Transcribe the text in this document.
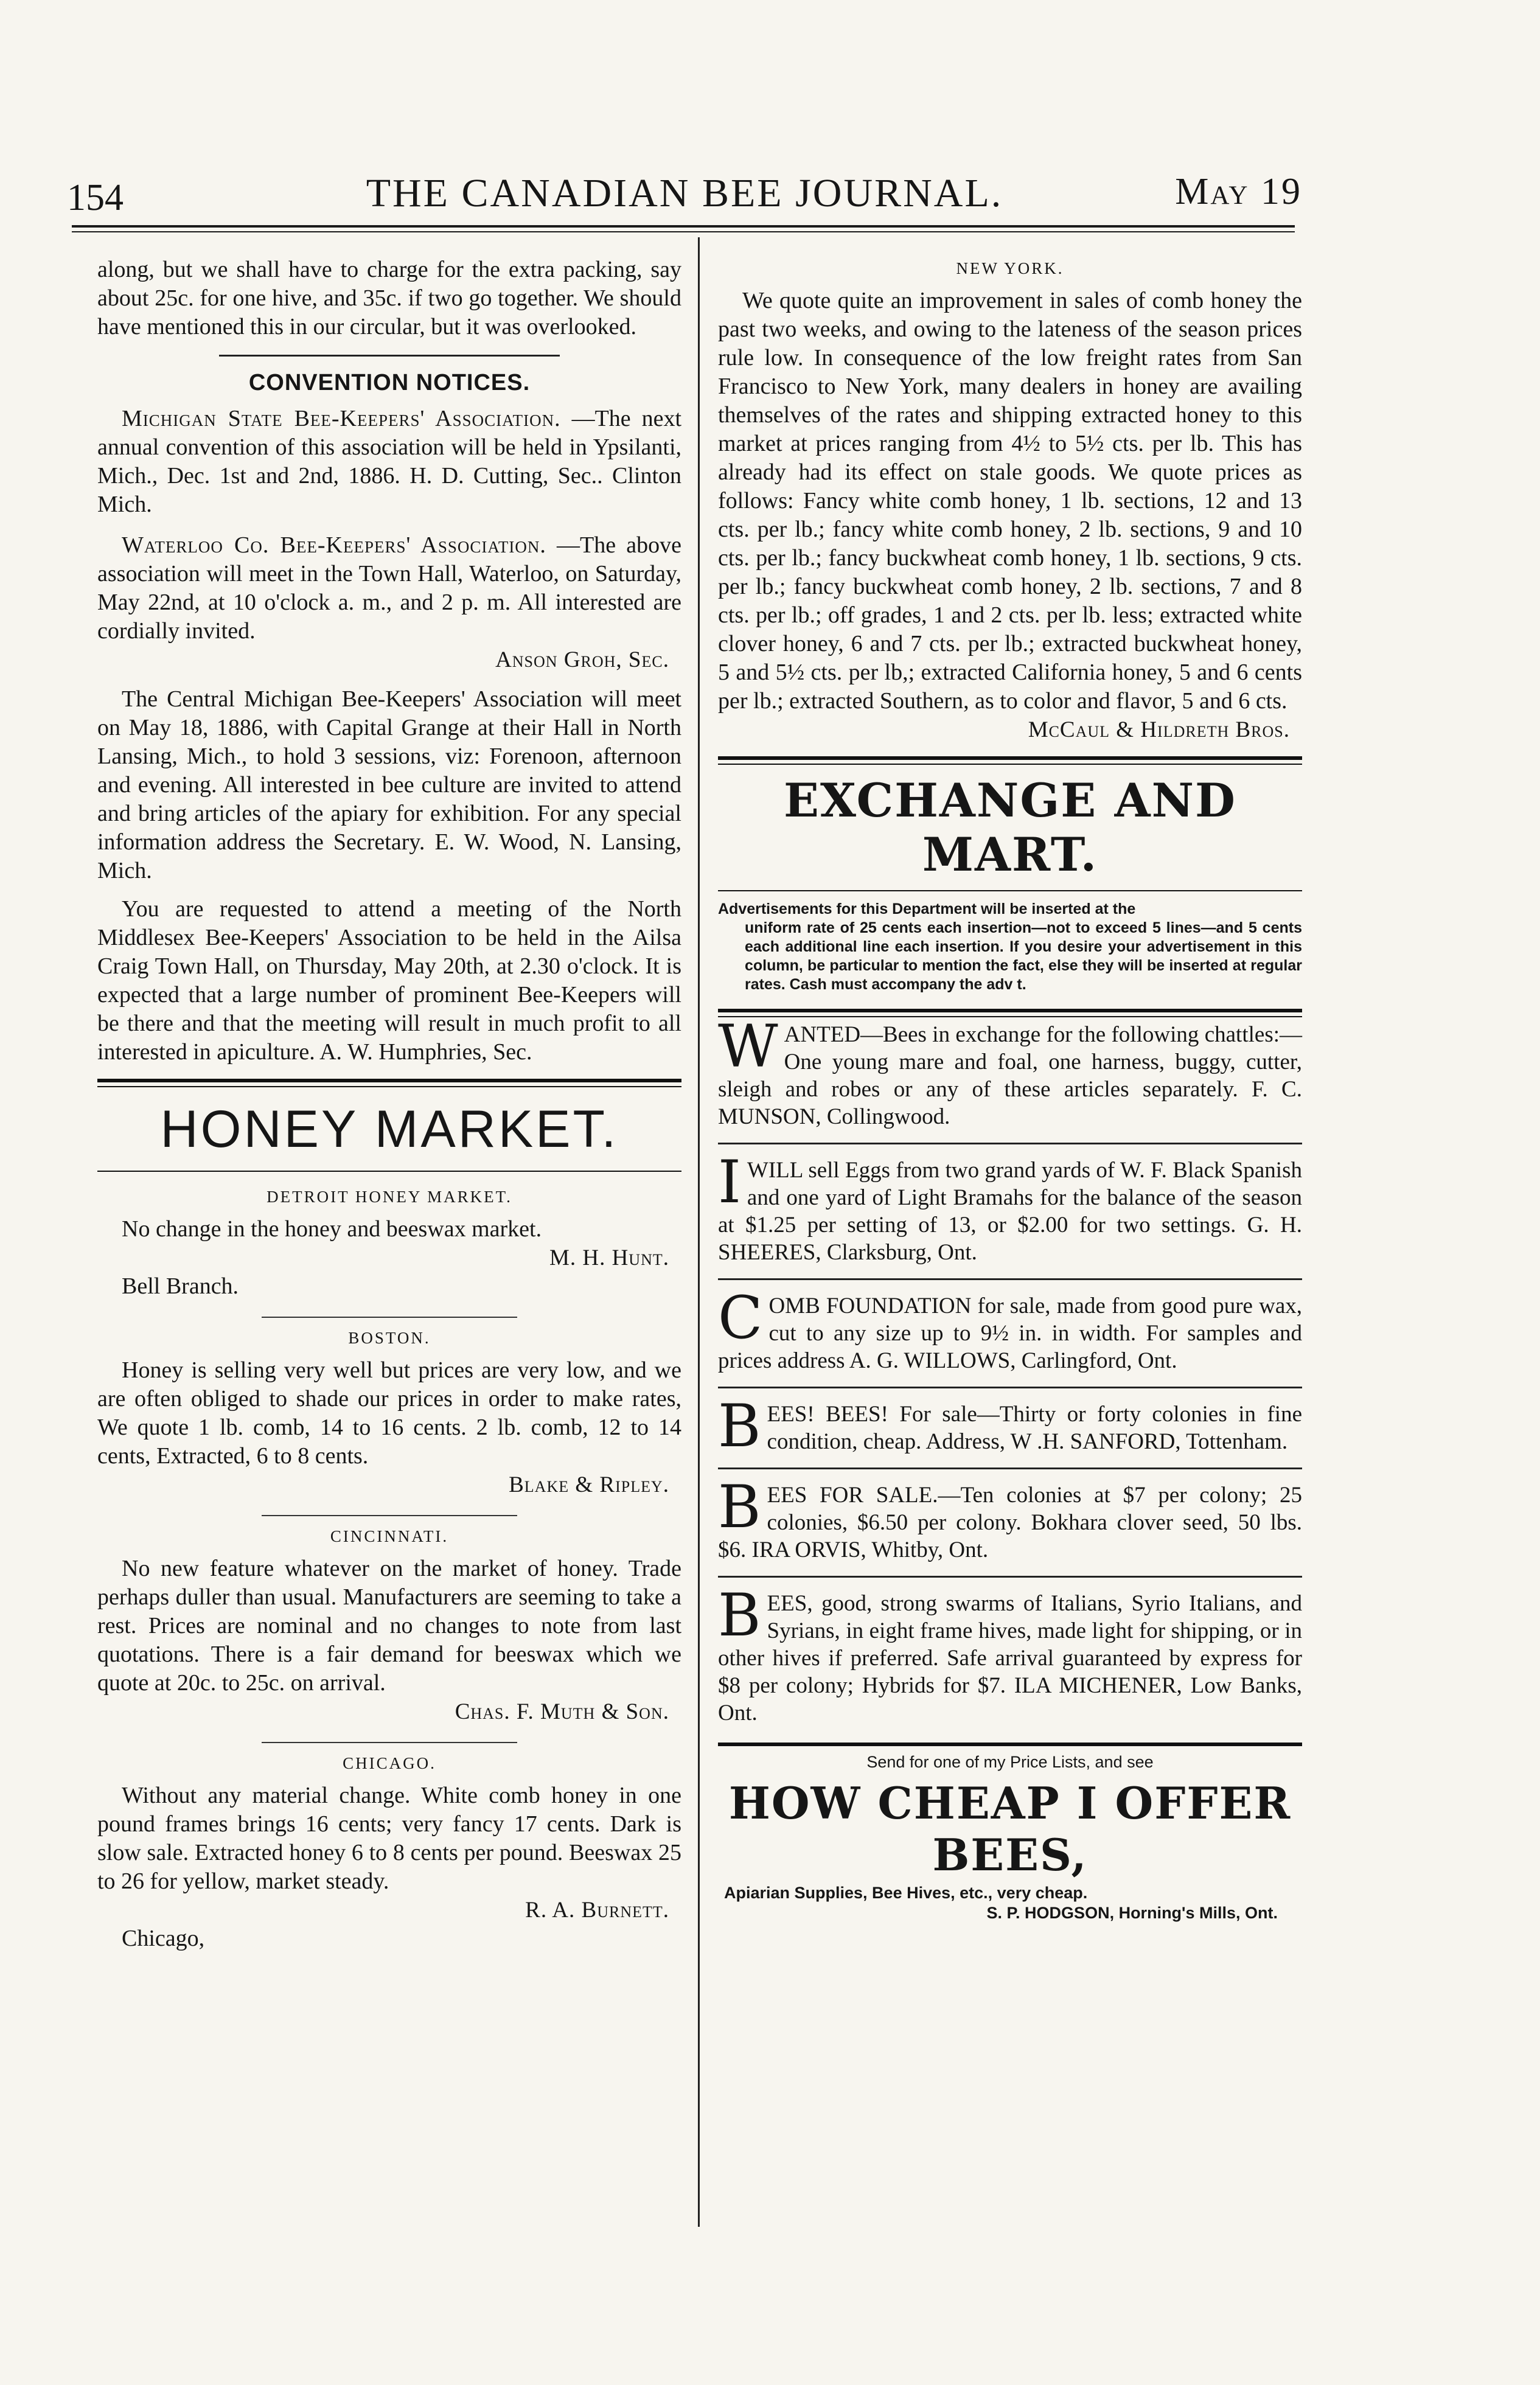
154	THE CANADIAN BEE JOURNAL.	May 19

along, but we shall have to charge for the extra packing, say about 25c. for one hive, and 35c. if two go together. We should have mentioned this in our circular, but it was overlooked.

CONVENTION NOTICES.

Michigan State Bee-Keepers' Association. —The next annual convention of this association will be held in Ypsilanti, Mich., Dec. 1st and 2nd, 1886. H. D. Cutting, Sec.. Clinton Mich.

Waterloo Co. Bee-Keepers' Association. —The above association will meet in the Town Hall, Waterloo, on Saturday, May 22nd, at 10 o'clock a. m., and 2 p. m. All interested are cordially invited.

Anson Groh, Sec.

The Central Michigan Bee-Keepers' Association will meet on May 18, 1886, with Capital Grange at their Hall in North Lansing, Mich., to hold 3 sessions, viz: Forenoon, afternoon and evening. All interested in bee culture are invited to attend and bring articles of the apiary for exhibition. For any special information address the Secretary. E. W. Wood, N. Lansing, Mich.

You are requested to attend a meeting of the North Middlesex Bee-Keepers' Association to be held in the Ailsa Craig Town Hall, on Thursday, May 20th, at 2.30 o'clock. It is expected that a large number of prominent Bee-Keepers will be there and that the meeting will result in much profit to all interested in apiculture. A. W. Humphries, Sec.

HONEY MARKET.
DETROIT HONEY MARKET.

No change in the honey and beeswax market.

M. H. Hunt.

Bell Branch.

BOSTON.

Honey is selling very well but prices are very low, and we are often obliged to shade our prices in order to make rates, We quote 1 lb. comb, 14 to 16 cents. 2 lb. comb, 12 to 14 cents, Extracted, 6 to 8 cents.

Blake & Ripley.
CINCINNATI.

No new feature whatever on the market of honey. Trade perhaps duller than usual. Manufacturers are seeming to take a rest. Prices are nominal and no changes to note from last quotations. There is a fair demand for beeswax which we quote at 20c. to 25c. on arrival.

Chas. F. Muth & Son.
CHICAGO.

Without any material change. White comb honey in one pound frames brings 16 cents; very fancy 17 cents. Dark is slow sale. Extracted honey 6 to 8 cents per pound. Beeswax 25 to 26 for yellow, market steady.

R. A. Burnett.

Chicago,

NEW YORK.

We quote quite an improvement in sales of comb honey the past two weeks, and owing to the lateness of the season prices rule low. In consequence of the low freight rates from San Francisco to New York, many dealers in honey are availing themselves of the rates and shipping extracted honey to this market at prices ranging from 4½ to 5½ cts. per lb. This has already had its effect on stale goods. We quote prices as follows: Fancy white comb honey, 1 lb. sections, 12 and 13 cts. per lb.; fancy white comb honey, 2 lb. sections, 9 and 10 cts. per lb.; fancy buckwheat comb honey, 1 lb. sections, 9 cts. per lb.; fancy buckwheat comb honey, 2 lb. sections, 7 and 8 cts. per lb.; off grades, 1 and 2 cts. per lb. less; extracted white clover honey, 6 and 7 cts. per lb.; extracted buckwheat honey, 5 and 5½ cts. per lb,; extracted California honey, 5 and 6 cents per lb.; extracted Southern, as to color and flavor, 5 and 6 cts.

McCaul & Hildreth Bros.
EXCHANGE AND MART.
Advertisements for this Department will be inserted at the
uniform rate of 25 cents each insertion—not to exceed 5 lines—and 5 cents each additional line each insertion. If you desire your advertisement in this column, be particular to mention the fact, else they will be inserted at regular rates. Cash must accompany the adv t.
WANTED—Bees in exchange for the following chattles:—One young mare and foal, one harness, buggy, cutter, sleigh and robes or any of these articles separately. F. C. MUNSON, Collingwood.
I WILL sell Eggs from two grand yards of W. F. Black Spanish and one yard of Light Bramahs for the balance of the season at $1.25 per setting of 13, or $2.00 for two settings. G. H. SHEERES, Clarksburg, Ont.
COMB FOUNDATION for sale, made from good pure wax, cut to any size up to 9½ in. in width. For samples and prices address A. G. WILLOWS, Carlingford, Ont.
BEES! BEES! For sale—Thirty or forty colonies in fine condition, cheap. Address, W .H. SANFORD, Tottenham.
BEES FOR SALE.—Ten colonies at $7 per colony; 25 colonies, $6.50 per colony. Bokhara clover seed, 50 lbs. $6. IRA ORVIS, Whitby, Ont.
BEES, good, strong swarms of Italians, Syrio Italians, and Syrians, in eight frame hives, made light for shipping, or in other hives if preferred. Safe arrival guaranteed by express for $8 per colony; Hybrids for $7. ILA MICHENER, Low Banks, Ont.
Send for one of my Price Lists, and see
HOW CHEAP I OFFER BEES,
Apiarian Supplies, Bee Hives, etc., very cheap.
S. P. HODGSON, Horning's Mills, Ont.
